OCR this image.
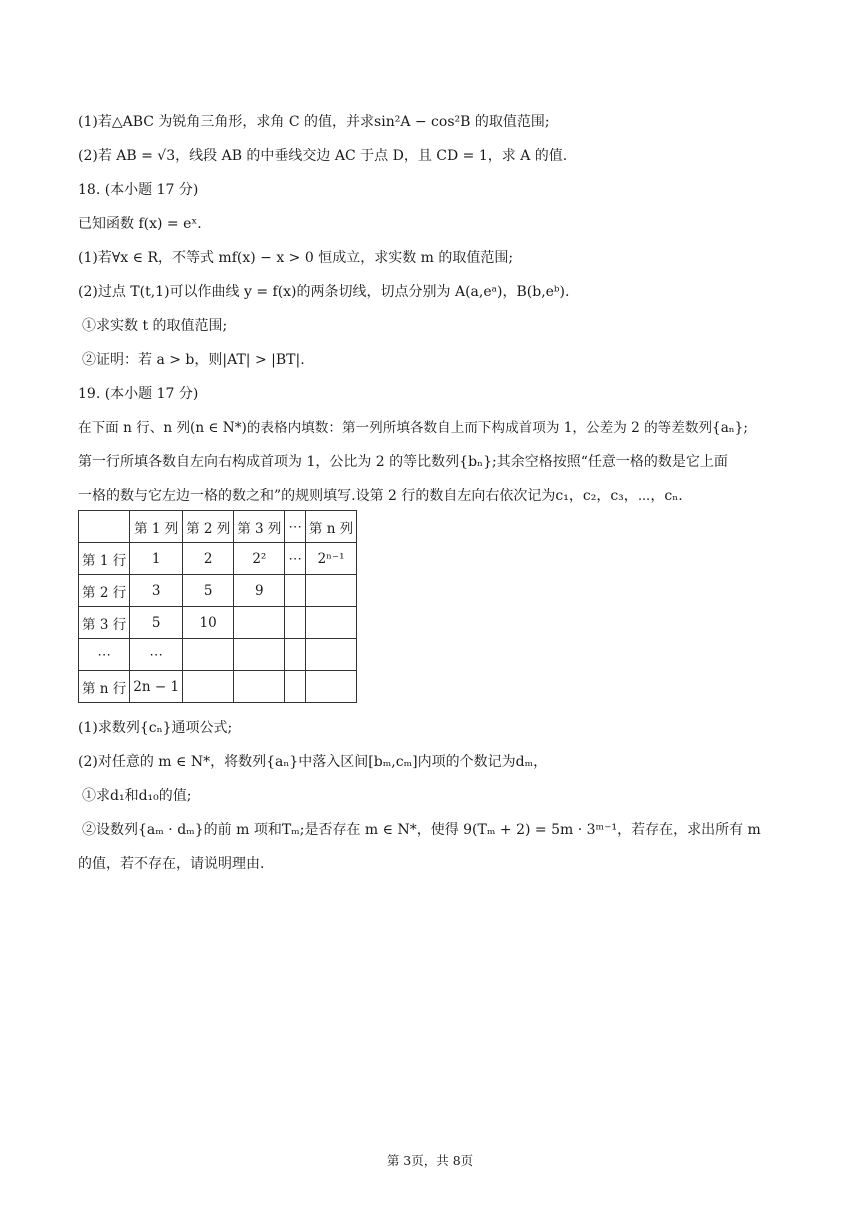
(1)若△ABC 为锐角三角形，求角 C 的值，并求sin²A − cos²B 的取值范围;
(2)若 AB = √3，线段 AB 的中垂线交边 AC 于点 D，且 CD = 1，求 A 的值.
18. (本小题 17 分)
已知函数 f(x) = eˣ.
(1)若∀x ∈ R，不等式 mf(x) − x > 0 恒成立，求实数 m 的取值范围;
(2)过点 T(t,1)可以作曲线 y = f(x)的两条切线，切点分别为 A(a,eᵃ)，B(b,eᵇ).
①求实数 t 的取值范围;
②证明：若 a > b，则|AT| > |BT|.
19. (本小题 17 分)
在下面 n 行、n 列(n ∈ N*)的表格内填数：第一列所填各数自上而下构成首项为 1，公差为 2 的等差数列{aₙ};
第一行所填各数自左向右构成首项为 1，公比为 2 的等比数列{bₙ};其余空格按照“任意一格的数是它上面
一格的数与它左边一格的数之和”的规则填写.设第 2 行的数自左向右依次记为c₁，c₂，c₃，⋯，cₙ.
	第 1 列	第 2 列	第 3 列	⋯	第 n 列
第 1 行	1	2	2²	⋯	2ⁿ⁻¹
第 2 行	3	5	9		
第 3 行	5	10			
⋯	⋯				
第 n 行	2n − 1				
(1)求数列{cₙ}通项公式;
(2)对任意的 m ∈ N*，将数列{aₙ}中落入区间[bₘ,cₘ]内项的个数记为dₘ，
①求d₁和d₁₀的值;
②设数列{aₘ · dₘ}的前 m 项和Tₘ;是否存在 m ∈ N*，使得 9(Tₘ + 2) = 5m · 3ᵐ⁻¹，若存在，求出所有 m
的值，若不存在，请说明理由.
第 3页，共 8页
